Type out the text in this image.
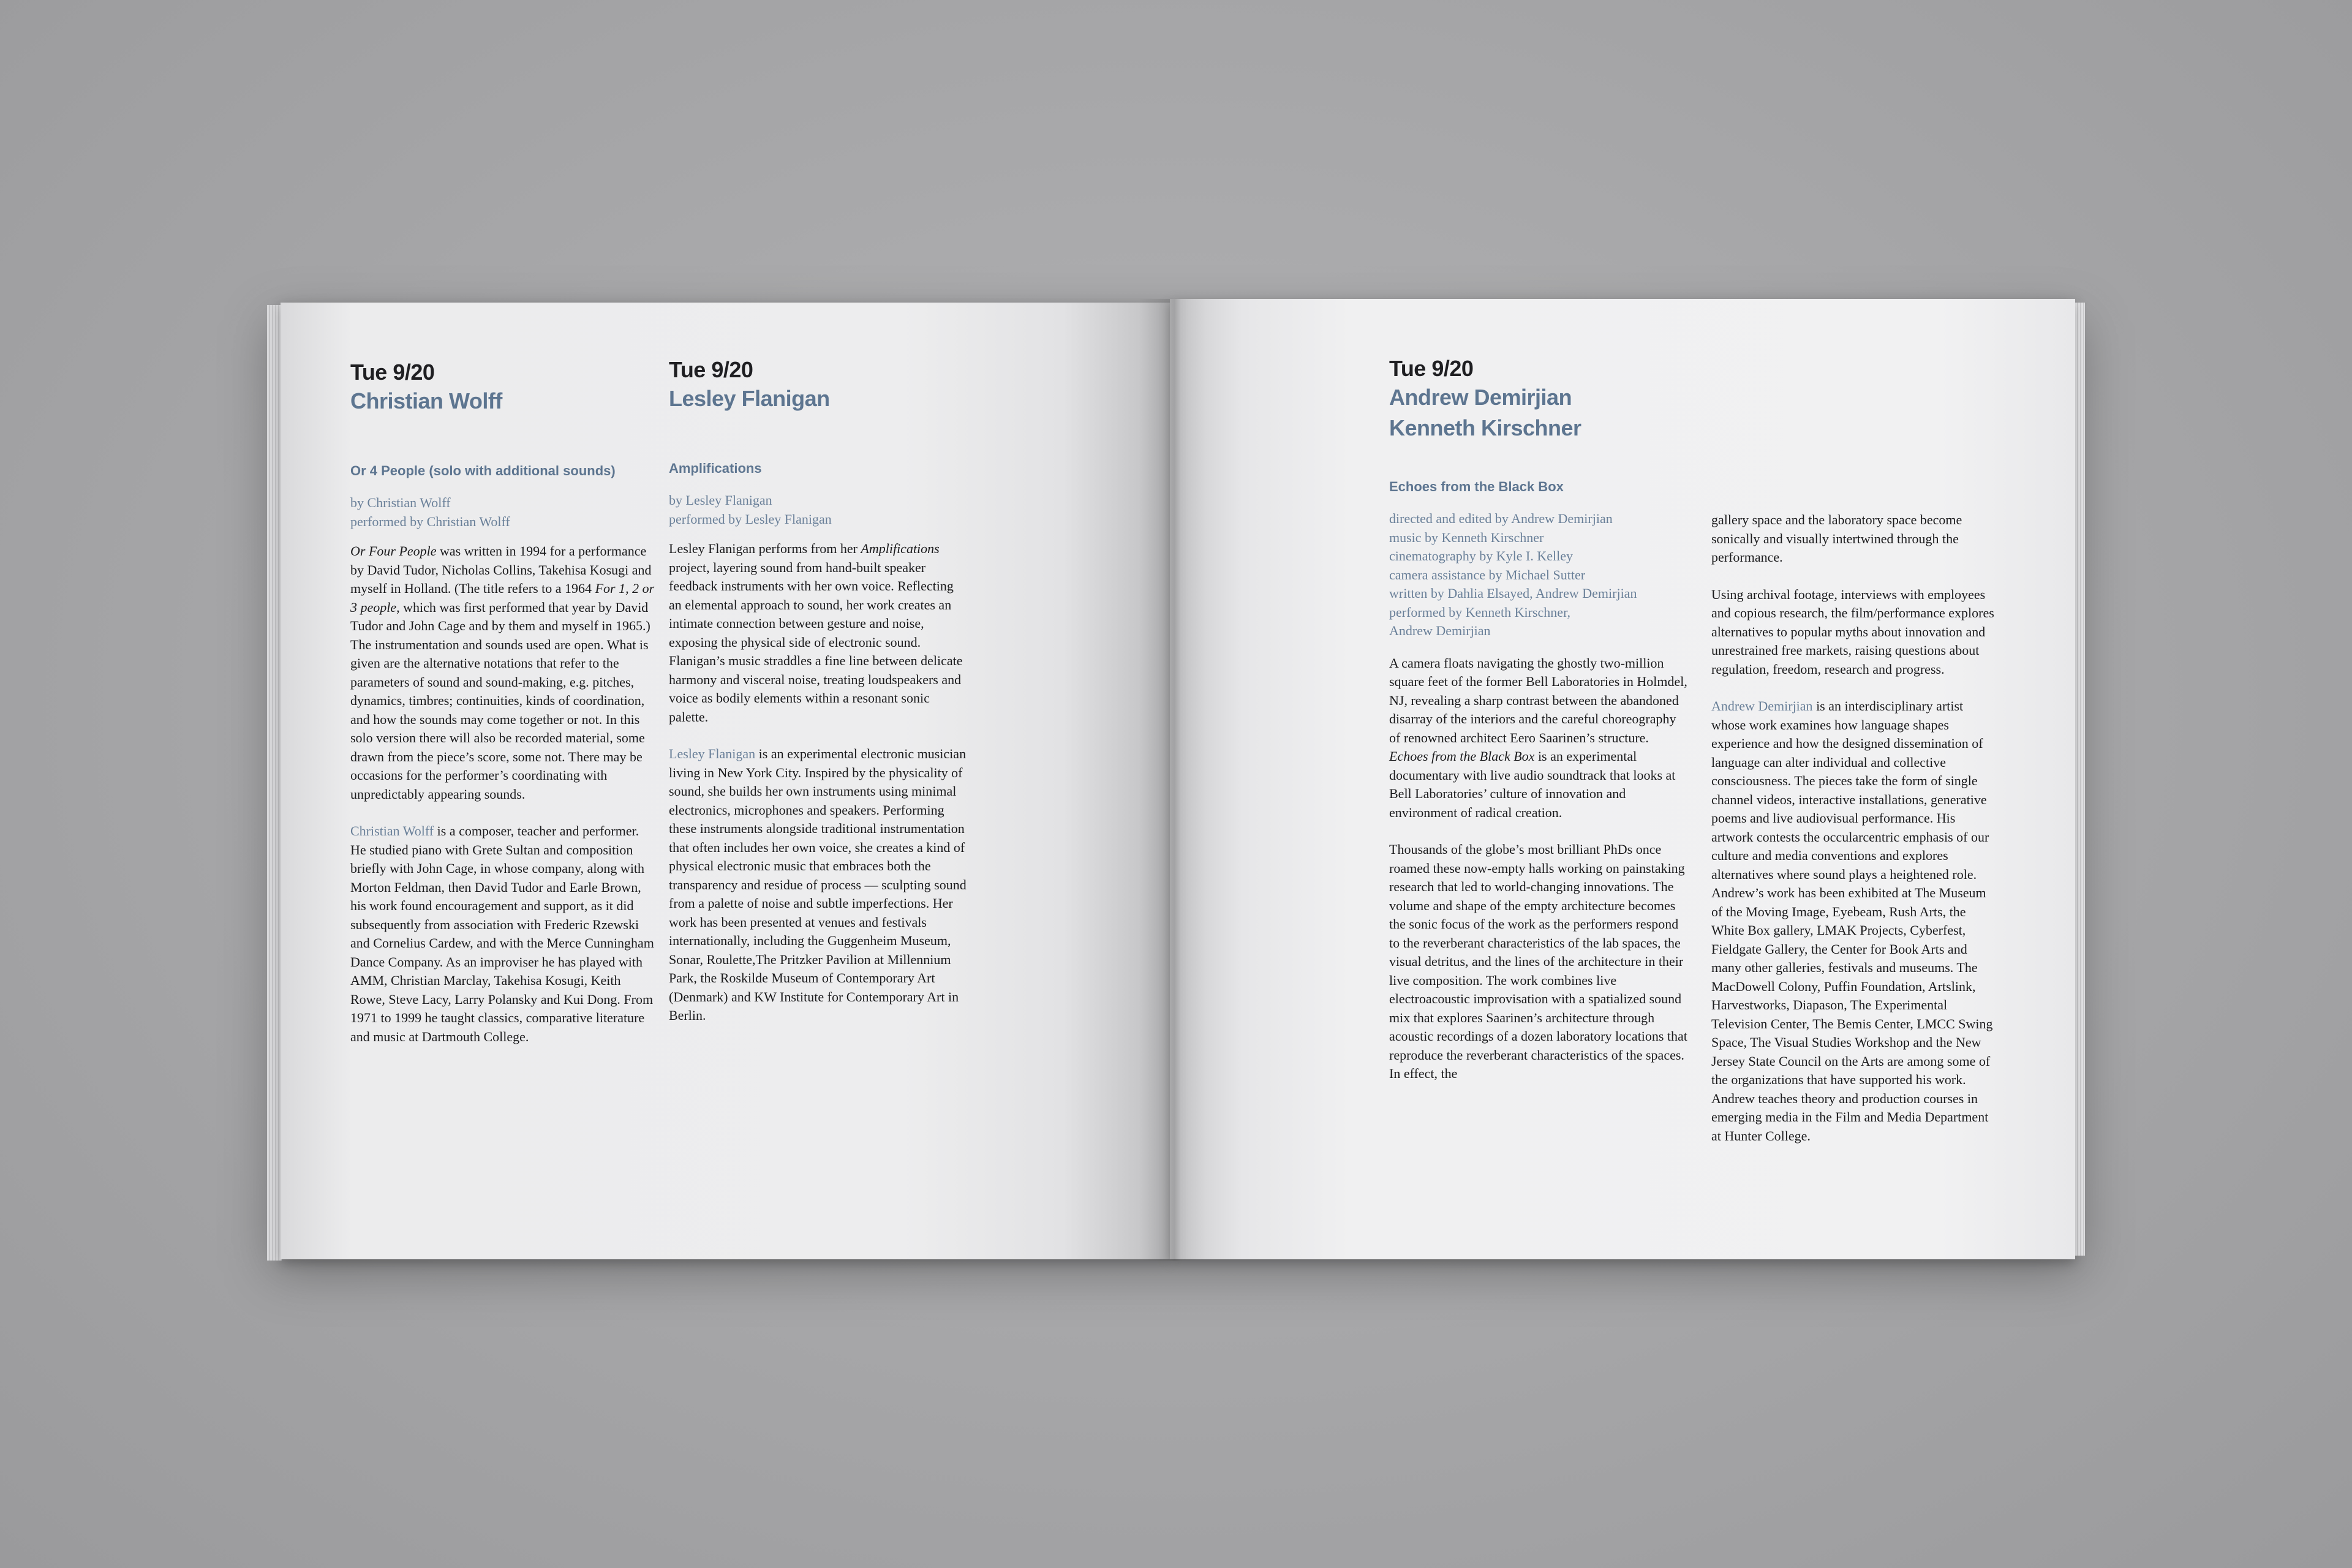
Tue 9/20
Christian Wolff
Or 4 People (solo with additional sounds)
by Christian Wolff
performed by Christian Wolff

Or Four People was written in 1994 for a performance by David Tudor, Nicholas Collins, Takehisa Kosugi and myself in Holland. (The title refers to a 1964 For 1, 2 or 3 people, which was first performed that year by David Tudor and John Cage and by them and myself in 1965.) The instrumentation and sounds used are open. What is given are the alternative notations that refer to the parameters of sound and sound-making, e.g. pitches, dynamics, timbres; continuities, kinds of coordination, and how the sounds may come together or not. In this solo version there will also be recorded material, some drawn from the piece’s score, some not. There may be occasions for the performer’s coordinating with unpredictably appearing sounds.

Christian Wolff is a composer, teacher and performer. He studied piano with Grete Sultan and composition briefly with John Cage, in whose company, along with Morton Feldman, then David Tudor and Earle Brown, his work found encouragement and support, as it did subsequently from association with Frederic Rzewski and Cornelius Cardew, and with the Merce Cunningham Dance Company. As an improviser he has played with AMM, Christian Marclay, Takehisa Kosugi, Keith Rowe, Steve Lacy, Larry Polansky and Kui Dong. From 1971 to 1999 he taught classics, comparative literature and music at Dartmouth College.

Tue 9/20
Lesley Flanigan
Amplifications
by Lesley Flanigan
performed by Lesley Flanigan

Lesley Flanigan performs from her Amplifications project, layering sound from hand-built speaker feedback instruments with her own voice. Reflecting an elemental approach to sound, her work creates an intimate connection between gesture and noise, exposing the physical side of electronic sound. Flanigan’s music straddles a fine line between delicate harmony and visceral noise, treating loudspeakers and voice as bodily elements within a resonant sonic palette.

Lesley Flanigan is an experimental electronic musician living in New York City. Inspired by the physicality of sound, she builds her own instruments using minimal electronics, microphones and speakers. Performing these instruments alongside traditional instrumentation that often includes her own voice, she creates a kind of physical electronic music that embraces both the transparency and residue of process — sculpting sound from a palette of noise and subtle imperfections. Her work has been presented at venues and festivals internationally, including the Guggenheim Museum, Sonar, Roulette,The Pritzker Pavilion at Millennium Park, the Roskilde Museum of Contemporary Art (Denmark) and KW Institute for Contemporary Art in Berlin.

Tue 9/20
Andrew Demirjian
Kenneth Kirschner
Echoes from the Black Box
directed and edited by Andrew Demirjian
music by Kenneth Kirschner
cinematography by Kyle I. Kelley
camera assistance by Michael Sutter
written by Dahlia Elsayed, Andrew Demirjian
performed by Kenneth Kirschner,
Andrew Demirjian

A camera floats navigating the ghostly two-million square feet of the former Bell Laboratories in Holmdel, NJ, revealing a sharp contrast between the abandoned disarray of the interiors and the careful choreography of renowned architect Eero Saarinen’s structure. Echoes from the Black Box is an experimental documentary with live audio soundtrack that looks at Bell Laboratories’ culture of innovation and environment of radical creation.

Thousands of the globe’s most brilliant PhDs once roamed these now-empty halls working on painstaking research that led to world-changing innovations. The volume and shape of the empty architecture becomes the sonic focus of the work as the performers respond to the reverberant characteristics of the lab spaces, the visual detritus, and the lines of the architecture in their live composition. The work combines live electroacoustic improvisation with a spatialized sound mix that explores Saarinen’s architecture through acoustic recordings of a dozen laboratory locations that reproduce the reverberant characteristics of the spaces. In effect, the

gallery space and the laboratory space become sonically and visually intertwined through the performance.

Using archival footage, interviews with employees and copious research, the film/performance explores alternatives to popular myths about innovation and unrestrained free markets, raising questions about regulation, freedom, research and progress.

Andrew Demirjian is an interdisciplinary artist whose work examines how language shapes experience and how the designed dissemination of language can alter individual and collective consciousness. The pieces take the form of single channel videos, interactive installations, generative poems and live audiovisual performance. His artwork contests the occularcentric emphasis of our culture and media conventions and explores alternatives where sound plays a heightened role. Andrew’s work has been exhibited at The Museum of the Moving Image, Eyebeam, Rush Arts, the White Box gallery, LMAK Projects, Cyberfest, Fieldgate Gallery, the Center for Book Arts and many other galleries, festivals and museums. The MacDowell Colony, Puffin Foundation, Artslink, Harvestworks, Diapason, The Experimental Television Center, The Bemis Center, LMCC Swing Space, The Visual Studies Workshop and the New Jersey State Council on the Arts are among some of the organizations that have supported his work. Andrew teaches theory and production courses in emerging media in the Film and Media Department at Hunter College.
